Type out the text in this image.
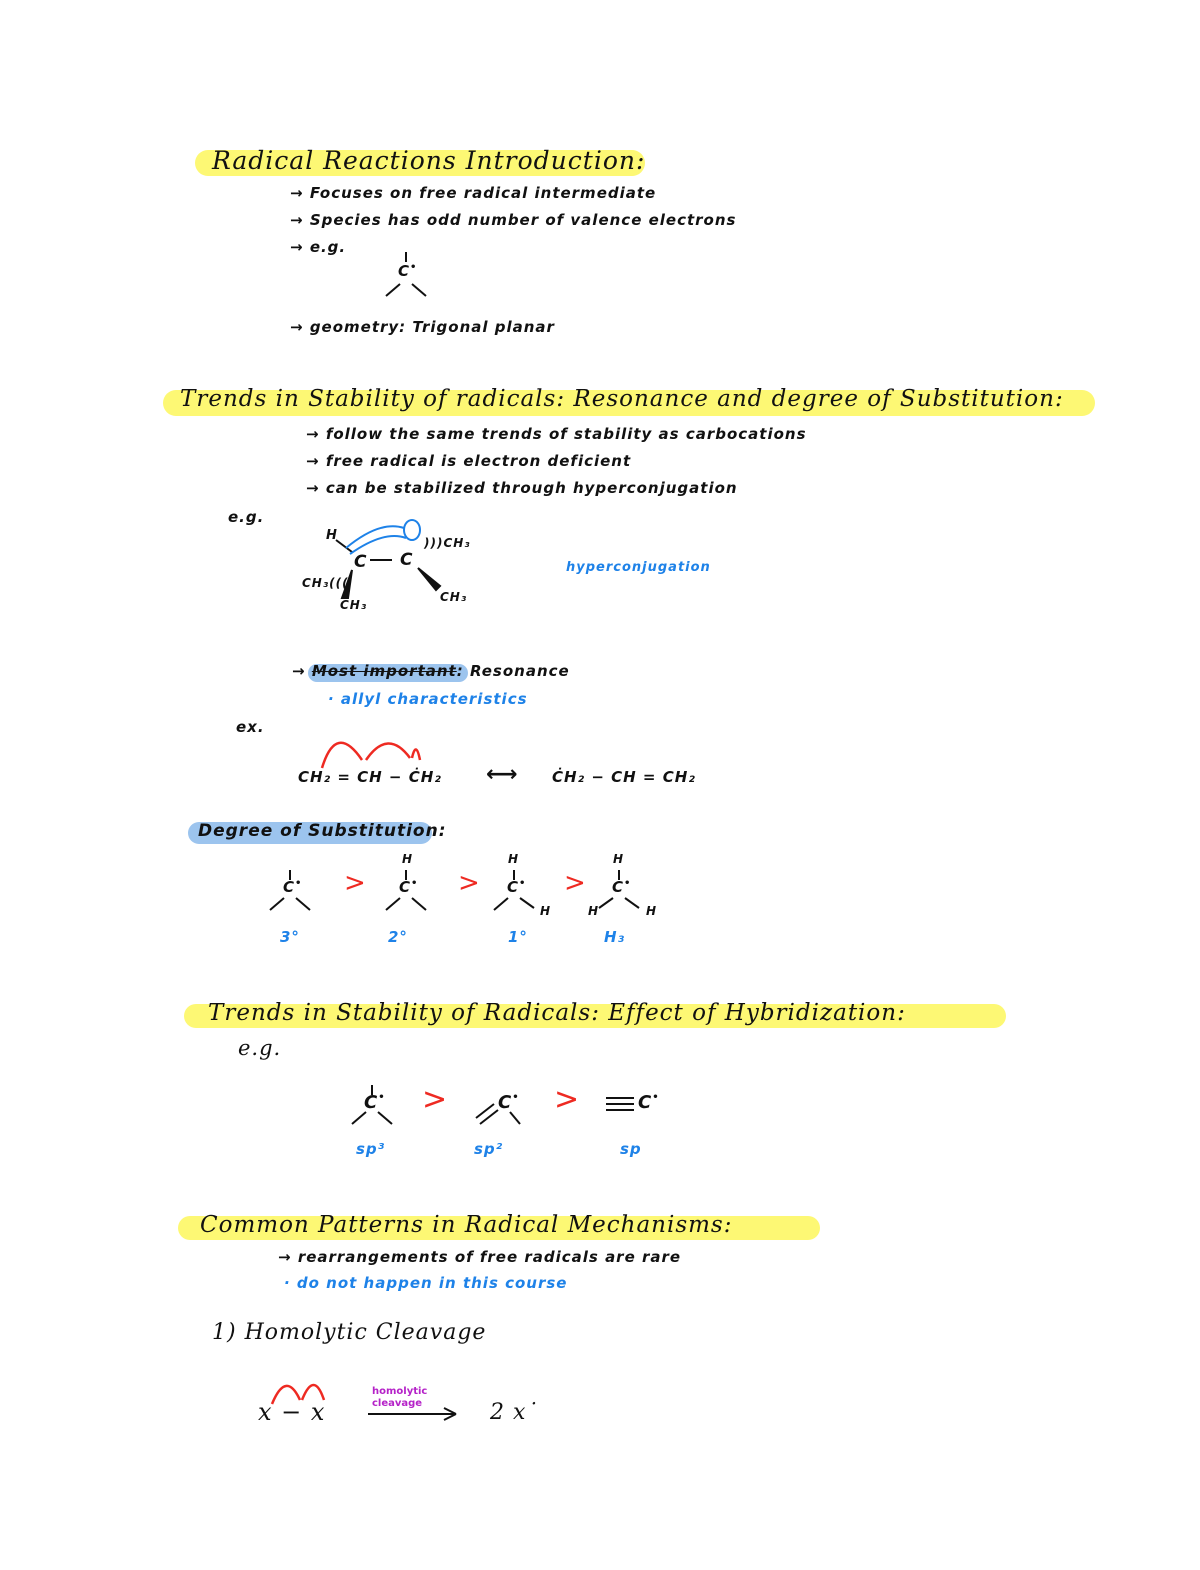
Radical Reactions Introduction:
→ Focuses on free radical intermediate
→ Species has odd number of valence electrons
→ e.g.
C•
→ geometry: Trigonal planar
Trends in Stability of radicals: Resonance and degree of Substitution:
→ follow the same trends of stability as carbocations
→ free radical is electron deficient
→ can be stabilized through hyperconjugation
e.g.
H
C C
CH₃(((
)))CH₃
CH₃
CH₃
hyperconjugation
→ Most important: Resonance
· allyl characteristics
ex.
CH₂ = CH − ĊH₂ ⟷ ĊH₂ − CH = CH₂
Degree of Substitution:
H	H	H
C•	C•	C•	C•
H	H	H
>	>	>
3°	2°	1°	H₃
Trends in Stability of Radicals: Effect of Hybridization:
e.g.
C•	C•	C•
>	>
sp³	sp²	sp
Common Patterns in Radical Mechanisms:
→ rearrangements of free radicals are rare
· do not happen in this course
1) Homolytic Cleavage
x − x
homolytic cleavage	2 x˙
